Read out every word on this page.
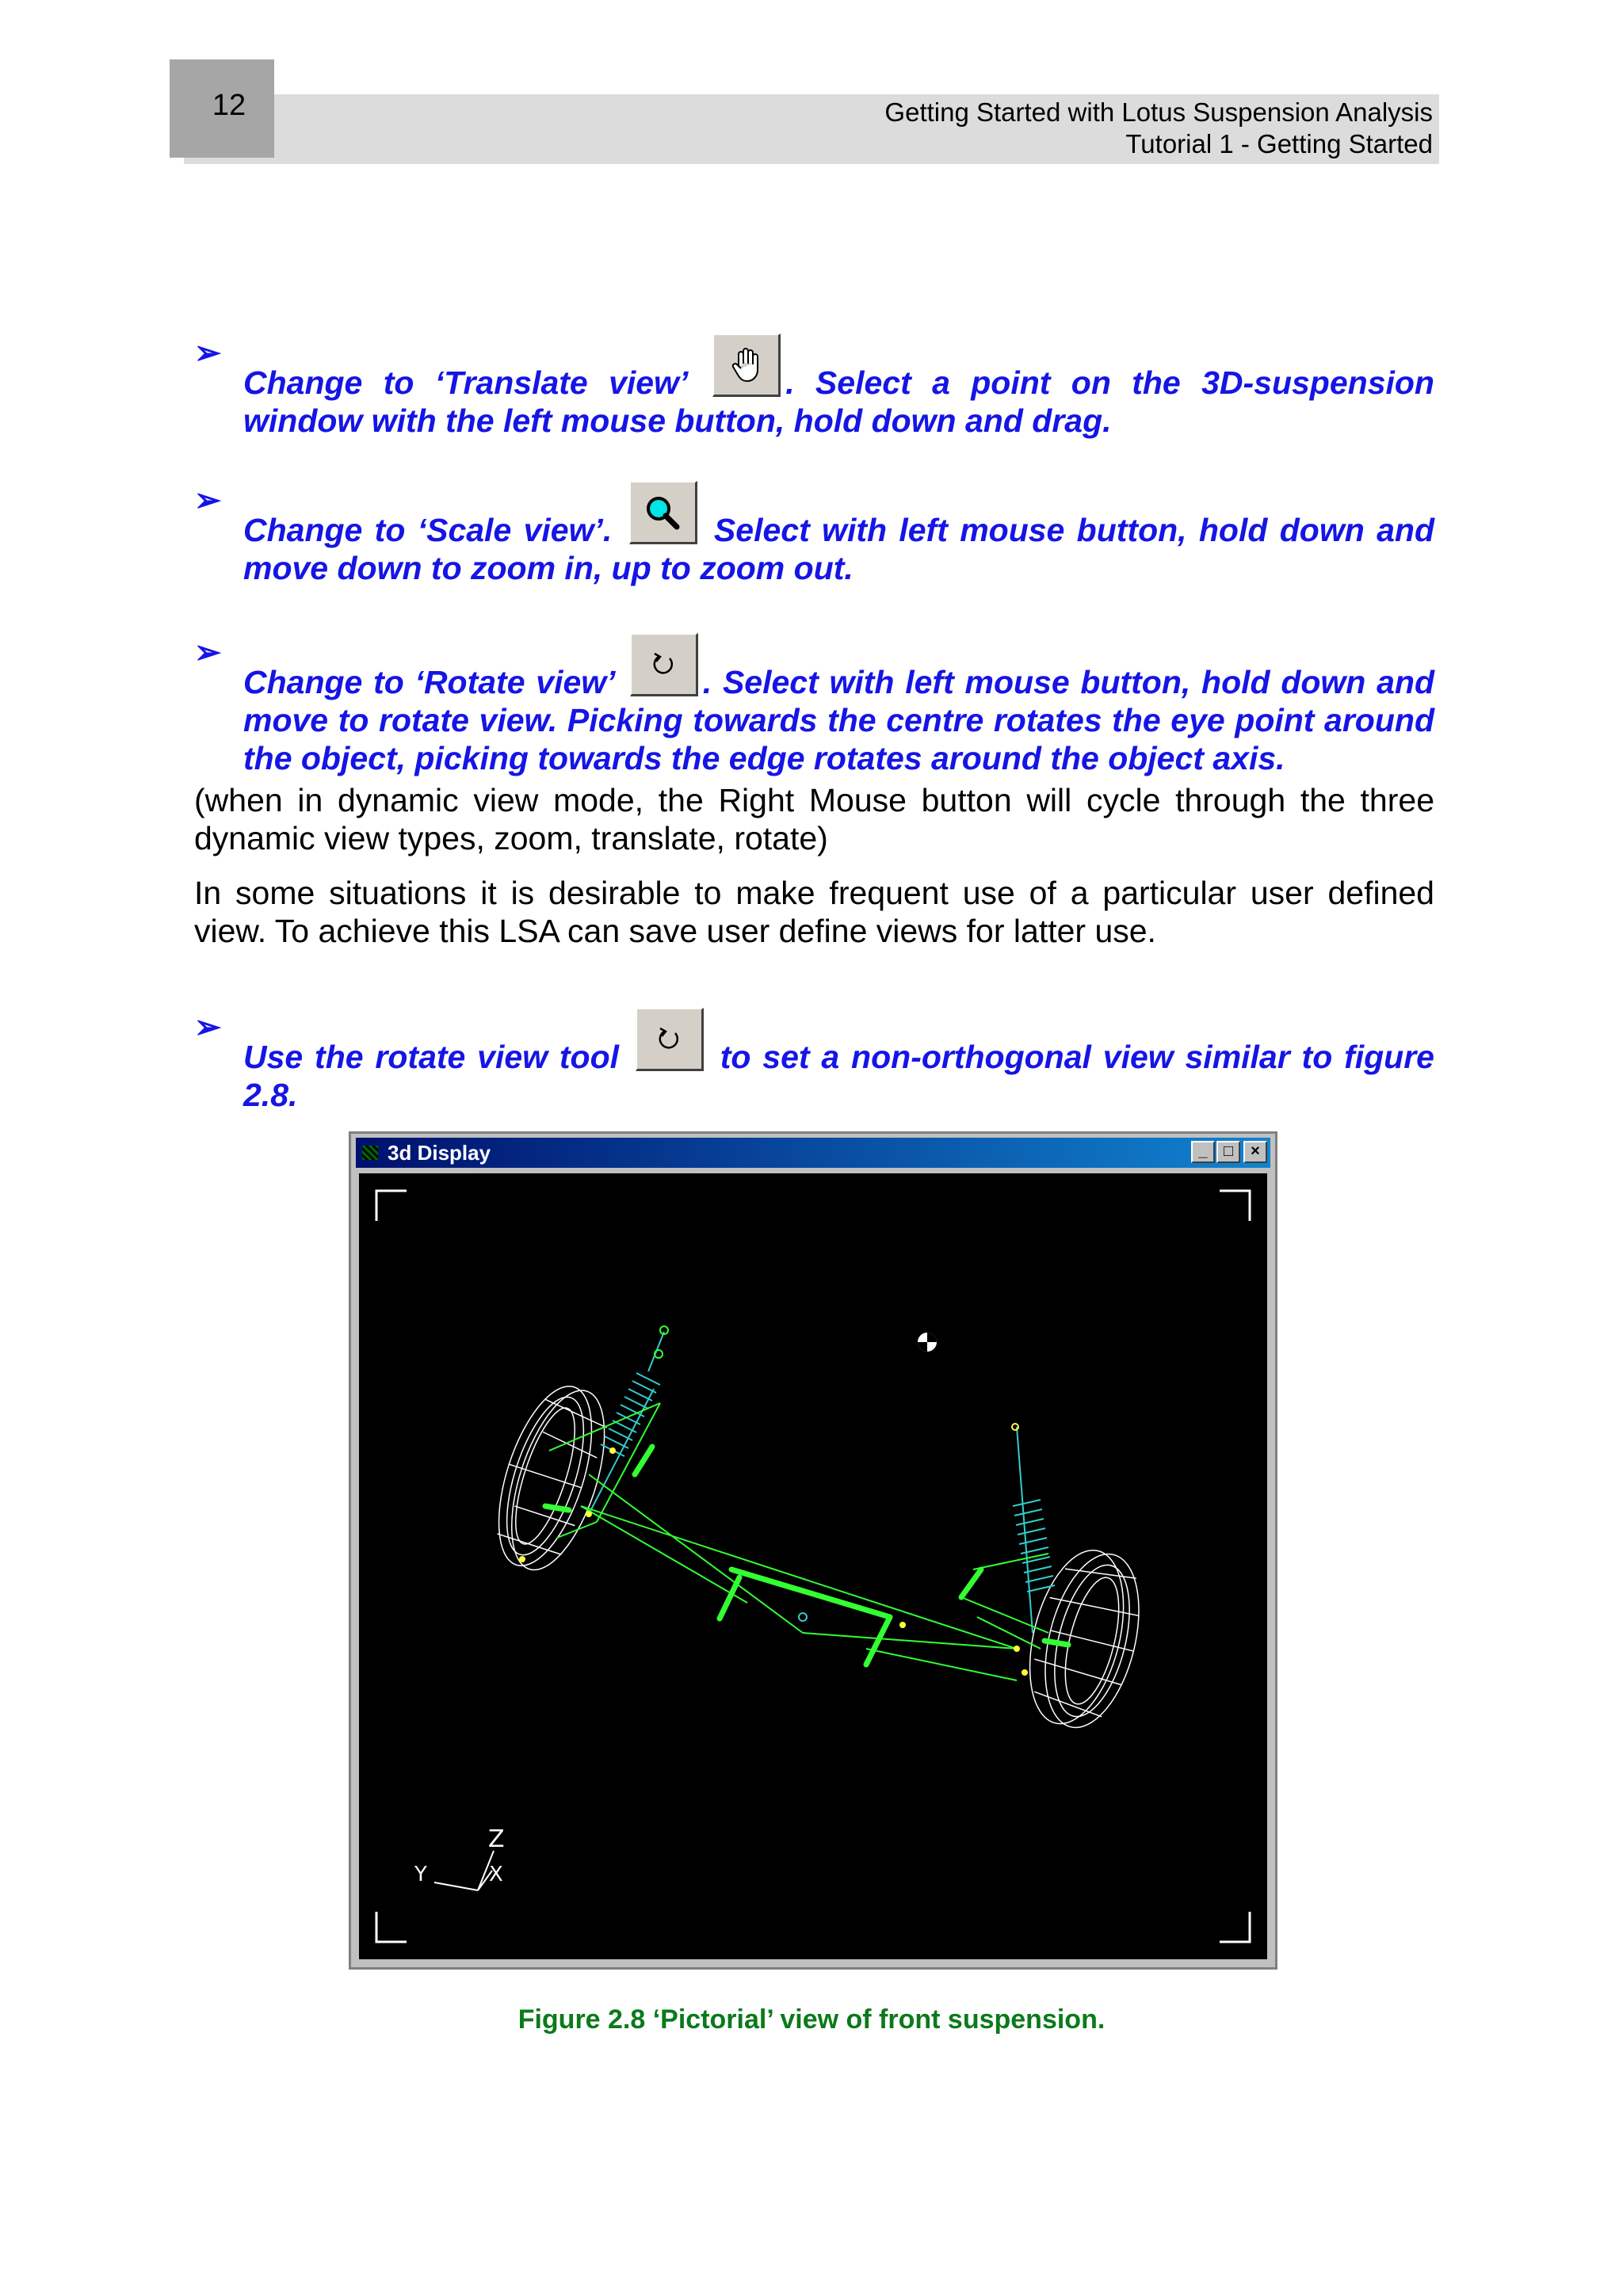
12	Getting Started with Lotus Suspension Analysis
Tutorial 1 - Getting Started
➢
Change to ‘Translate view’	. Select a point on the 3D-suspension window with the left mouse button, hold down and drag.
➢
Change to ‘Scale view’.	Select with left mouse button, hold down and move down to zoom in, up to zoom out.
➢
Change to ‘Rotate view’	. Select with left mouse button, hold down and move to rotate view. Picking towards the centre rotates the eye point around the object, picking towards the edge rotates around the object axis.
(when in dynamic view mode, the Right Mouse button will cycle through the three dynamic view types, zoom, translate, rotate)
In some situations it is desirable to make frequent use of a particular user defined view. To achieve this LSA can save user define views for latter use.
➢
Use the rotate view tool	to set a non-orthogonal view similar to figure 2.8.
3d Display	_	□	×
Z
Y	X
Figure 2.8 ‘Pictorial’ view of front suspension.
